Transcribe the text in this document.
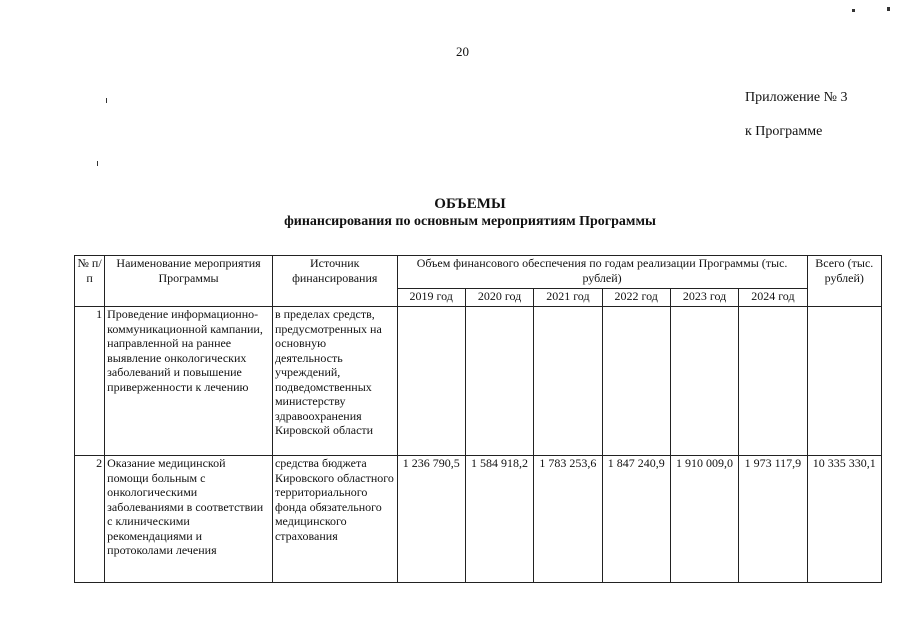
20
Приложение № 3
к Программе
ОБЪЕМЫ
финансирования по основным мероприятиям Программы
№ п/п	Наименование мероприятия Программы	Источник финансирования	Объем финансового обеспечения по годам реализации Программы (тыс. рублей)						Всего (тыс. рублей)
			2019 год	2020 год	2021 год	2022 год	2023 год	2024 год	
1	Проведение информационно-коммуникационной кампании, направленной на раннее выявление онкологических заболеваний и повышение приверженности к лечению	в пределах средств, предусмотренных на основную деятельность учреждений, подведомственных министерству здравоохранения Кировской области							
2	Оказание медицинской помощи больным с онкологическими заболеваниями в соответствии с клиническими рекомендациями и протоколами лечения	средства бюджета Кировского областного территориального фонда обязательного медицинского страхования	1 236 790,5	1 584 918,2	1 783 253,6	1 847 240,9	1 910 009,0	1 973 117,9	10 335 330,1
